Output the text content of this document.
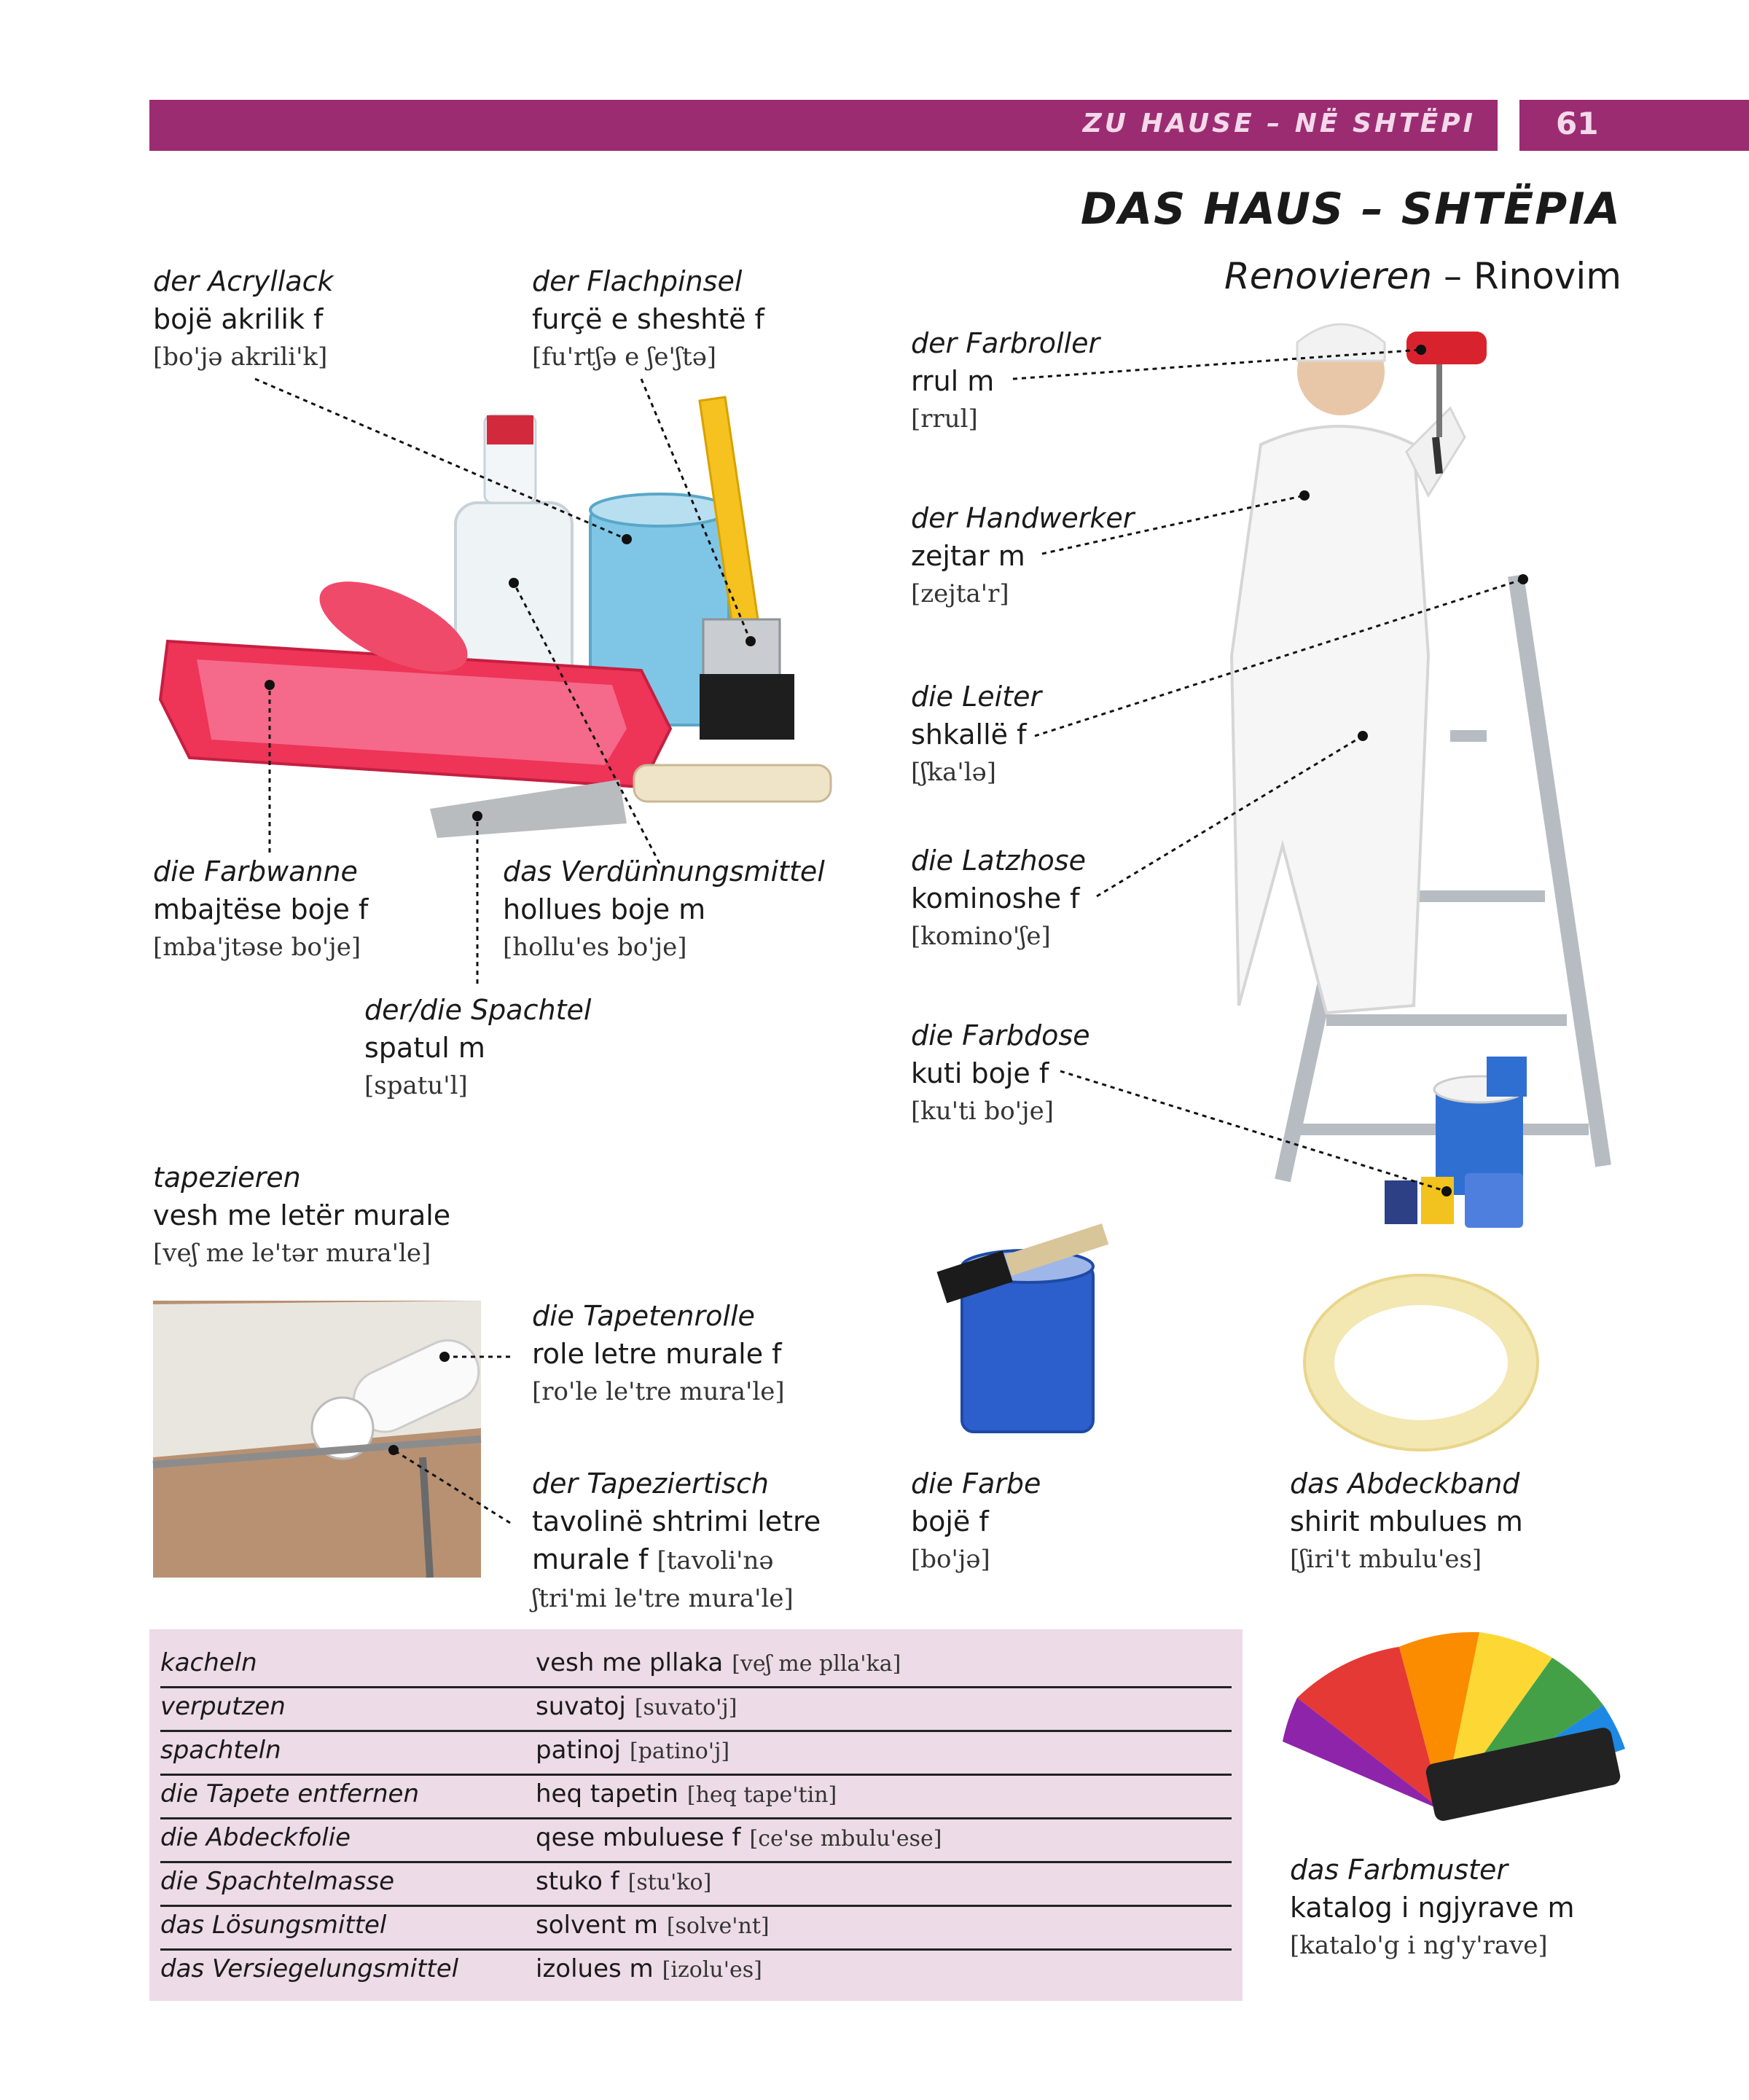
ZU HAUSE – NË SHTËPI	61
DAS HAUS – SHTËPIA
Renovieren – Rinovim
der Acryllack
bojë akrilik f
[bo'jə akrili'k]
der Flachpinsel
furçë e sheshtë f
[fu'rtʃə e ʃe'ʃtə]
die Farbwanne
mbajtëse boje f
[mba'jtəse bo'je]
das Verdünnungsmittel
hollues boje m
[hollu'es bo'je]
der/die Spachtel
spatul m
[spatu'l]
der Farbroller
rrul m
[rrul]
der Handwerker
zejtar m
[zejta'r]
die Leiter
shkallë f
[ʃka'lə]
die Latzhose
kominoshe f
[komino'ʃe]
die Farbdose
kuti boje f
[ku'ti bo'je]
tapezieren
vesh me letër murale
[veʃ me le'tər mura'le]
die Tapetenrolle
role letre murale f
[ro'le le'tre mura'le]
der Tapeziertisch
tavolinë shtrimi letre
murale f [tavoli'nə
ʃtri'mi le'tre mura'le]
die Farbe
bojë f
[bo'jə]
das Abdeckband
shirit mbulues m
[ʃiri't mbulu'es]
das Farbmuster
katalog i ngjyrave m
[katalo'g i ng'y'rave]
kacheln	vesh me pllaka [veʃ me plla'ka]
verputzen	suvatoj [suvato'j]
spachteln	patinoj [patino'j]
die Tapete entfernen	heq tapetin [heq tape'tin]
die Abdeckfolie	qese mbuluese f [ce'se mbulu'ese]
die Spachtelmasse	stuko f [stu'ko]
das Lösungsmittel	solvent m [solve'nt]
das Versiegelungsmittel	izolues m [izolu'es]
